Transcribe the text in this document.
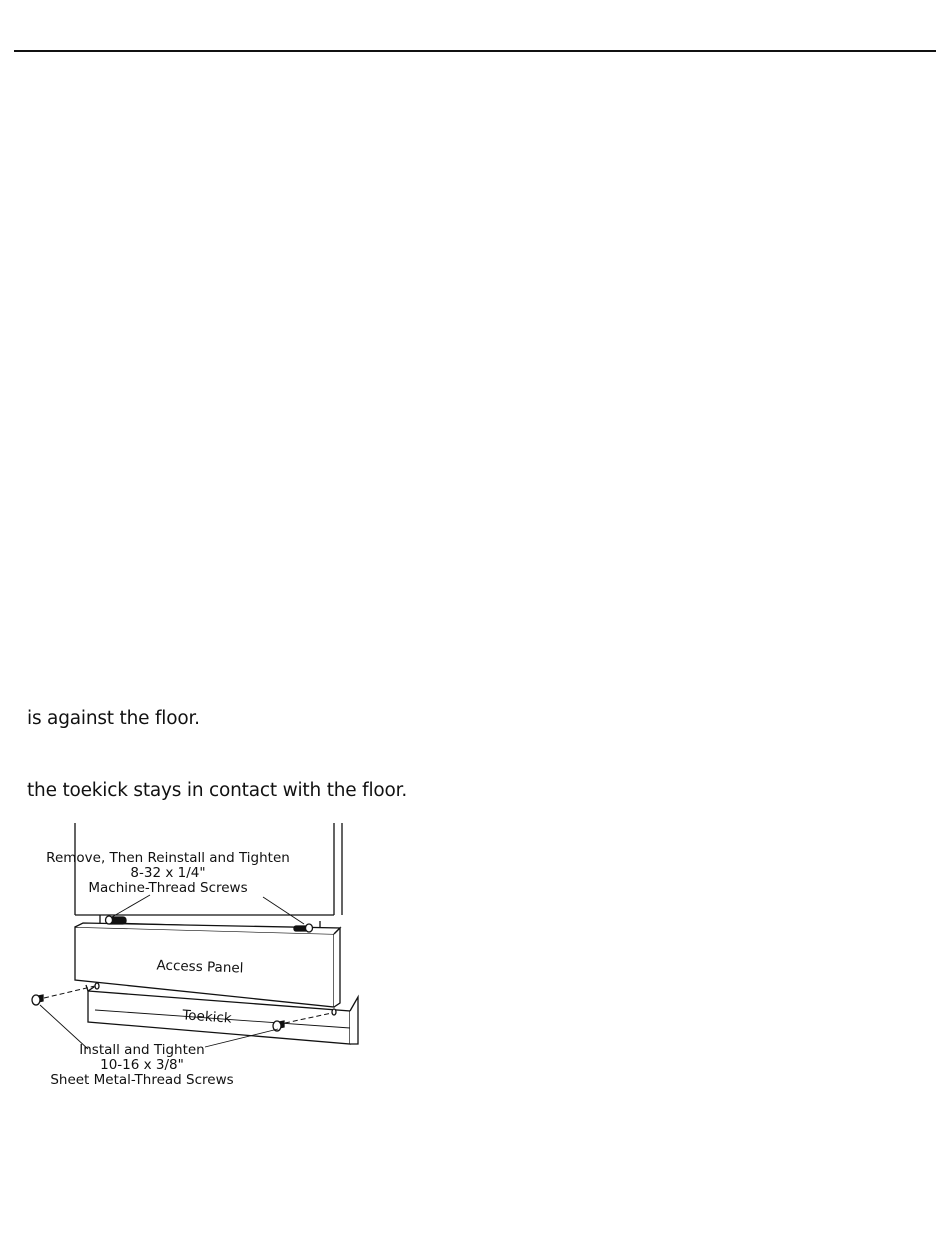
is against the floor.
the toekick stays in contact with the floor.
Remove, Then Reinstall and Tighten
8-32 x 1/4"
Machine-Thread Screws
Access Panel
Toekick
Install and Tighten
10-16 x 3/8"
Sheet Metal-Thread Screws
